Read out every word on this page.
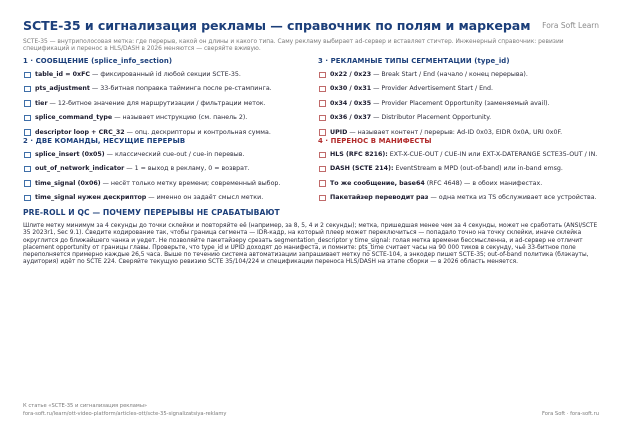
SCTE-35 и сигнализация рекламы — справочник по полям и маркерам Fora Soft Learn
SCTE-35 — внутриполосовая метка: где перерыв, какой он длины и какого типа. Саму рекламу выбирает ad-сервер и вставляет стичтер. Инженерный справочник: ревизии спецификаций и перенос в HLS/DASH в 2026 меняются — сверяйте вживую.
1 · СООБЩЕНИЕ (splice_info_section)
table_id = 0xFC — фиксированный id любой секции SCTE-35.
pts_adjustment — 33-битная поправка тайминга после ре-стампинга.
tier — 12-битное значение для маршрутизации / фильтрации меток.
splice_command_type — называет инструкцию (см. панель 2).
descriptor loop + CRC_32 — опц. дескрипторы и контрольная сумма.
3 · РЕКЛАМНЫЕ ТИПЫ СЕГМЕНТАЦИИ (type_id)
0x22 / 0x23 — Break Start / End (начало / конец перерыва).
0x30 / 0x31 — Provider Advertisement Start / End.
0x34 / 0x35 — Provider Placement Opportunity (заменяемый avail).
0x36 / 0x37 — Distributor Placement Opportunity.
UPID — называет контент / перерыв: Ad-ID 0x03, EIDR 0x0A, URI 0x0F.
2 · ДВЕ КОМАНДЫ, НЕСУЩИЕ ПЕРЕРЫВ
splice_insert (0x05) — классический cue-out / cue-in перевыв.
out_of_network_indicator — 1 = выход в рекламу, 0 = возврат.
time_signal (0x06) — несёт только метку времени; современный выбор.
time_signal нужен дескриптор — именно он задаёт смысл метки.
4 · ПЕРЕНОС В МАНИФЕСТЫ
HLS (RFC 8216): EXT-X-CUE-OUT / CUE-IN или EXT-X-DATERANGE SCTE35-OUT / IN.
DASH (SCTE 214): EventStream в MPD (out-of-band) или in-band emsg.
То же сообщение, base64 (RFC 4648) — в обоих манифестах.
Пакетайзер переводит раз — одна метка из TS обслуживает все устройства.
PRE-ROLL И QC — ПОЧЕМУ ПЕРЕРЫВЫ НЕ СРАБАТЫВАЮТ
Шлите метку минимум за 4 секунды до точки склейки и повторяйте её (например, за 8, 5, 4 и 2 секунды); метка, пришедшая менее чем за 4 секунды, может не сработать (ANSI/SCTE 35 2023r1, Sec 9.1). Сведите кодирование так, чтобы граница сегмента — IDR-кадр, на который плеер может переключиться — попадало точно на точку склейки, иначе склейка округлится до ближайшего чанка и уедет. Не позволяйте пакетайзеру срезать segmentation_descriptor у time_signal: голая метка времени бессмысленна, и ad-сервер не отличит placement opportunity от границы главы. Проверьте, что type_id и UPID доходят до манифеста, и помните: pts_time считает часы на 90 000 тиков в секунду, чьё 33-битное поле переполняется примерно каждые 26,5 часа. Выше по течению система автоматизации запрашивает метку по SCTE-104, а энкодер пишет SCTE-35; out-of-band политика (блэкауты, аудитория) идёт по SCTE 224. Сверяйте текущую ревизию SCTE 35/104/224 и спецификации переноса HLS/DASH на этапе сборки — в 2026 область меняется.
К статье «SCTE-35 и сигнализация рекламы»
fora-soft.ru/learn/ott-video-platform/articles-ott/scte-35-signalizatsiya-reklamy	Fora Soft · fora-soft.ru
